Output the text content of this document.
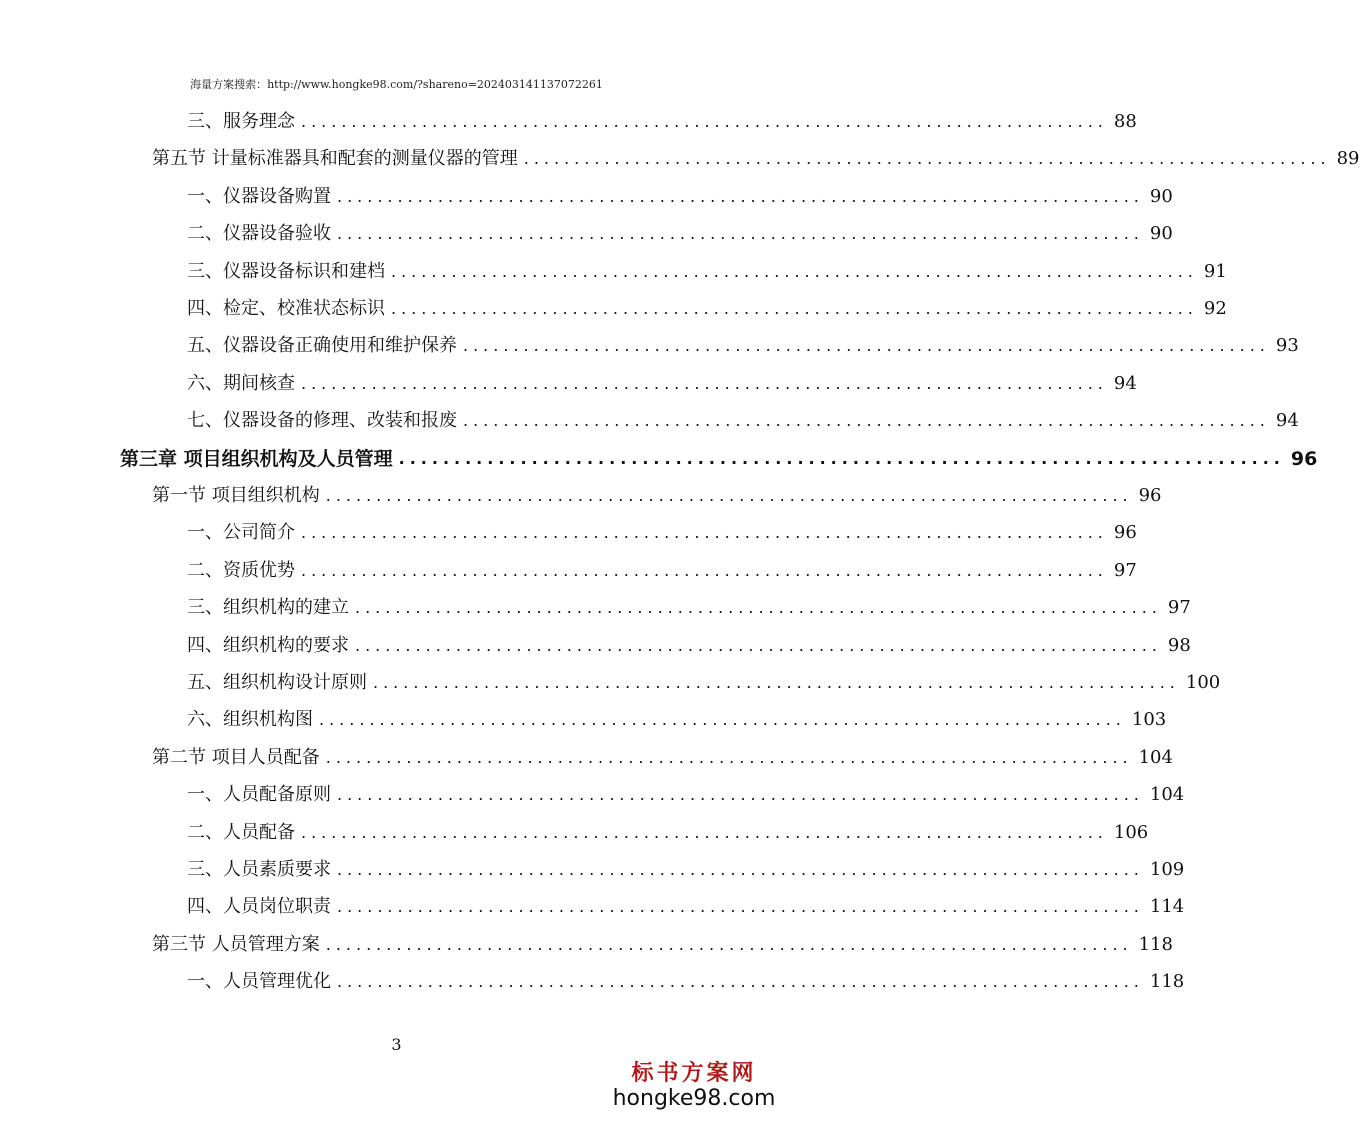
海量方案搜索：http://www.hongke98.com/?shareno=202403141137072261
三、服务理念 ................................................................................ 88
第五节 计量标准器具和配套的测量仪器的管理 ................................................................................ 89
一、仪器设备购置 ................................................................................ 90
二、仪器设备验收 ................................................................................ 90
三、仪器设备标识和建档 ................................................................................ 91
四、检定、校准状态标识 ................................................................................ 92
五、仪器设备正确使用和维护保养 ................................................................................ 93
六、期间核查 ................................................................................ 94
七、仪器设备的修理、改装和报废 ................................................................................ 94
第三章 项目组织机构及人员管理 ................................................................................ 96
第一节 项目组织机构 ................................................................................ 96
一、公司简介 ................................................................................ 96
二、资质优势 ................................................................................ 97
三、组织机构的建立 ................................................................................ 97
四、组织机构的要求 ................................................................................ 98
五、组织机构设计原则 ................................................................................ 100
六、组织机构图 ................................................................................ 103
第二节 项目人员配备 ................................................................................ 104
一、人员配备原则 ................................................................................ 104
二、人员配备 ................................................................................ 106
三、人员素质要求 ................................................................................ 109
四、人员岗位职责 ................................................................................ 114
第三节 人员管理方案 ................................................................................ 118
一、人员管理优化 ................................................................................ 118
3
标书方案网
hongke98.com
